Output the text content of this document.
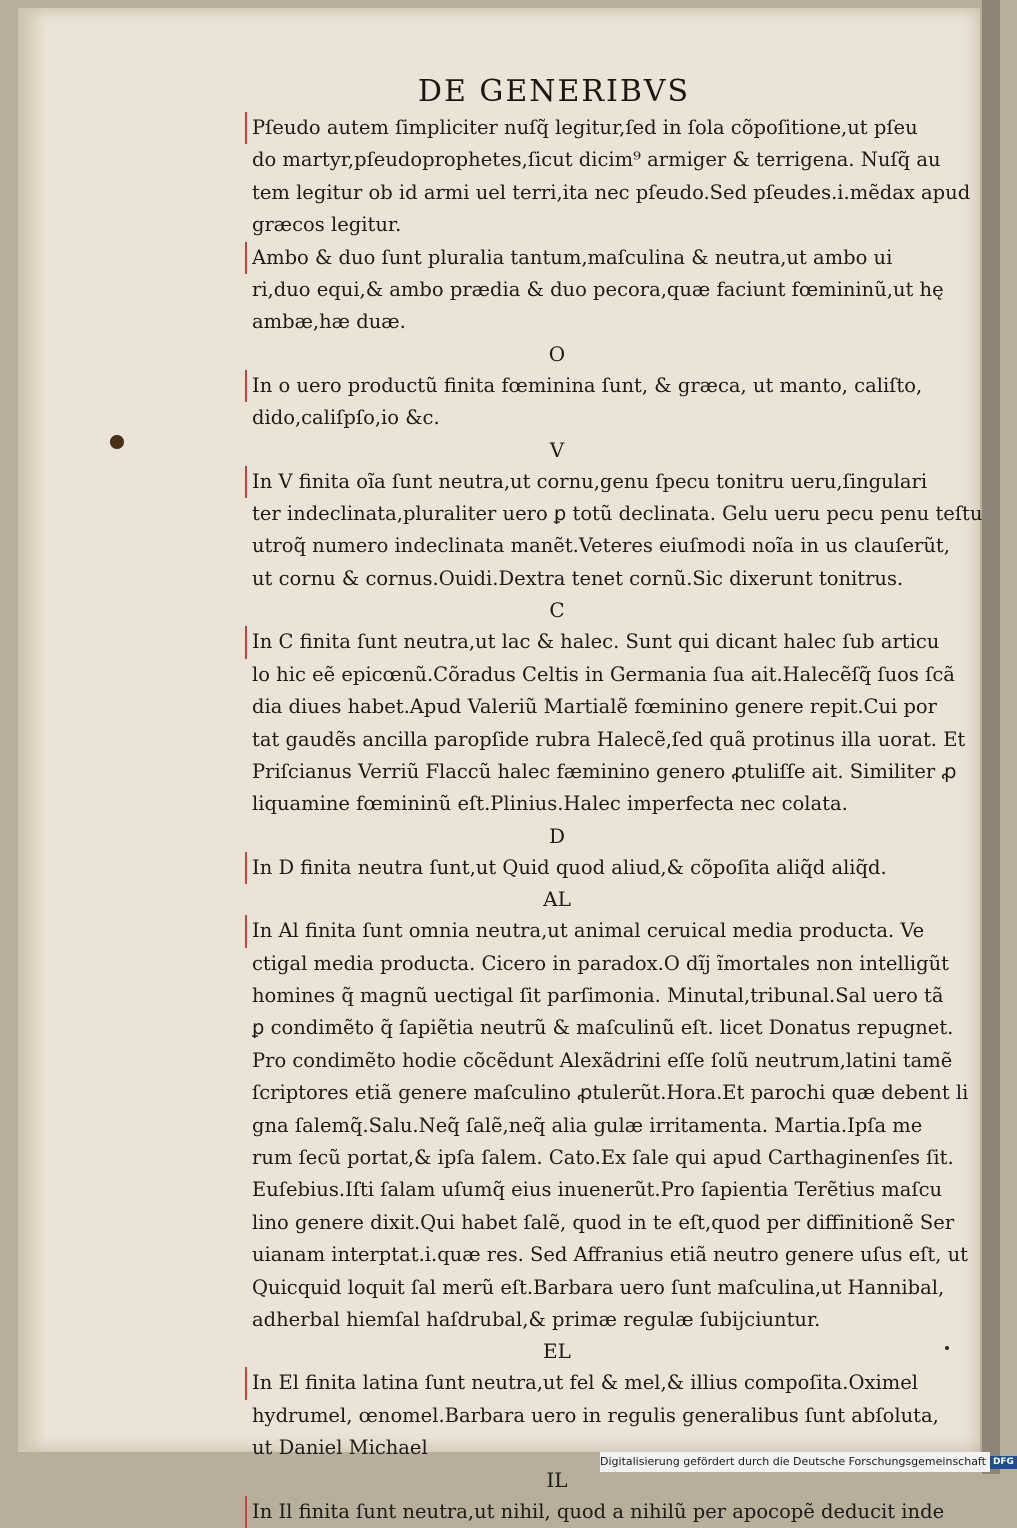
DE GENERIBVS
Pſeudo autem ſimpliciter nuſq̃ legitur,ſed in ſola cõpoſitione,ut pſeu
do martyr,pſeudoprophetes,ſicut dicim⁹ armiger & terrigena. Nuſq̃ au
tem legitur ob id armi uel terri,ita nec pſeudo.Sed pſeudes.i.mẽdax apud
græcos legitur.
Ambo & duo ſunt pluralia tantum,maſculina & neutra,ut ambo ui
ri,duo equi,& ambo prædia & duo pecora,quæ faciunt fœmininũ,ut hę
ambæ,hæ duæ.
O
In o uero productũ finita fœminina ſunt, & græca, ut manto, caliſto,
dido,caliſpſo,io &c.
V
In V finita oĩa ſunt neutra,ut cornu,genu ſpecu tonitru ueru,ſingulari
ter indeclinata,pluraliter uero ꝑ totũ declinata. Gelu ueru pecu penu teſtu
utroq̃ numero indeclinata manẽt.Veteres eiuſmodi noĩa in us clauſerũt,
ut cornu & cornus.Ouidi.Dextra tenet cornũ.Sic dixerunt tonitrus.
C
In C finita ſunt neutra,ut lac & halec. Sunt qui dicant halec ſub articu
lo hic eẽ epicœnũ.Cõradus Celtis in Germania ſua ait.Halecẽſq̃ ſuos ſcã
dia diues habet.Apud Valeriũ Martialẽ fœminino genere repit.Cui por
tat gaudẽs ancilla paropſide rubra Halecẽ,ſed quã protinus illa uorat. Et
Priſcianus Verriũ Flaccũ halec fæminino genero ꝓtuliſſe ait. Similiter ꝓ
liquamine fœmininũ eſt.Plinius.Halec imperfecta nec colata.
D
In D finita neutra ſunt,ut Quid quod aliud,& cõpoſita aliq̃d aliq̃d.
AL
In Al finita ſunt omnia neutra,ut animal ceruical media producta. Ve
ctigal media producta. Cicero in paradox.O dĩj ĩmortales non intelligũt
homines q̃ magnũ uectigal ſit parſimonia. Minutal,tribunal.Sal uero tã
ꝑ condimẽto q̃ ſapiẽtia neutrũ & maſculinũ eſt. licet Donatus repugnet.
Pro condimẽto hodie cõcẽdunt Alexãdrini eſſe ſolũ neutrum,latini tamẽ
ſcriptores etiã genere maſculino ꝓtulerũt.Hora.Et parochi quæ debent li
gna ſalemq̃.Salu.Neq̃ ſalẽ,neq̃ alia gulæ irritamenta. Martia.Ipſa me
rum ſecũ portat,& ipſa ſalem. Cato.Ex ſale qui apud Carthaginenſes ſit.
Euſebius.Iſti ſalam uſumq̃ eius inuenerũt.Pro ſapientia Terẽtius maſcu
lino genere dixit.Qui habet ſalẽ, quod in te eſt,quod per diffinitionẽ Ser
uianam interptat.i.quæ res. Sed Affranius etiã neutro genere uſus eſt, ut
Quicquid loquit ſal merũ eſt.Barbara uero ſunt maſculina,ut Hannibal,
adherbal hiemſal haſdrubal,& primæ regulæ ſubijciuntur.
EL
In El finita latina ſunt neutra,ut fel & mel,& illius compoſita.Oximel
hydrumel, œnomel.Barbara uero in regulis generalibus ſunt abſoluta,
ut Daniel Michael
IL
In Il finita ſunt neutra,ut nihil, quod a nihilũ per apocopẽ deducit inde
Digitalisierung gefördert durch die Deutsche Forschungsgemeinschaft DFG
